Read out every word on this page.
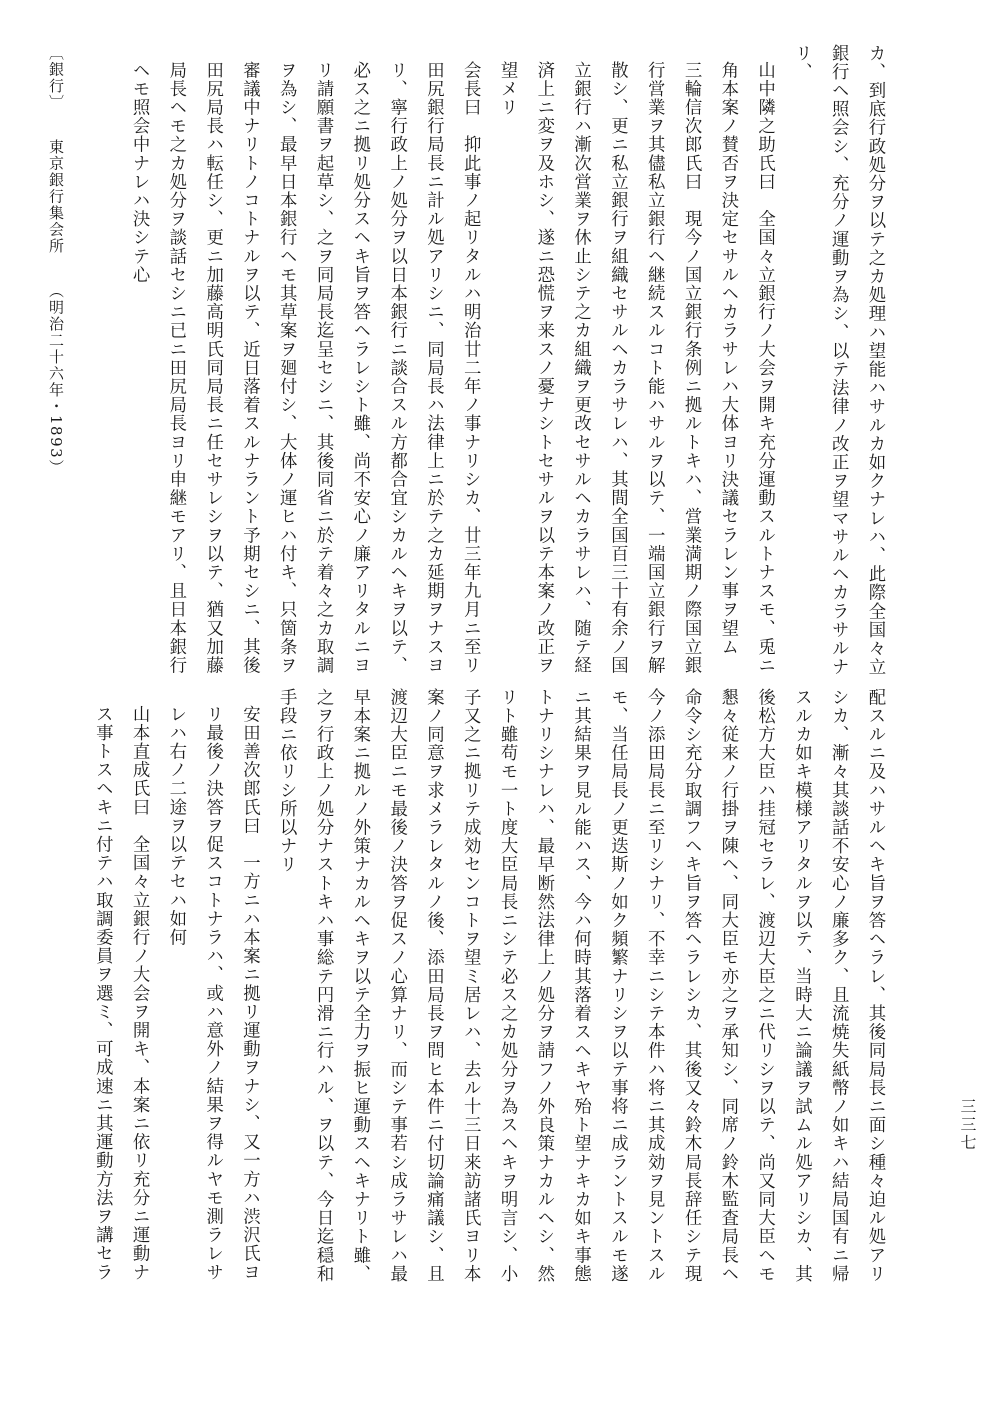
カ、到底行政処分ヲ以テ之カ処理ハ望能ハサルカ如クナレハ、此際全国々立銀行ヘ照会シ、充分ノ運動ヲ為シ、以テ法律ノ改正ヲ望マサルヘカラサルナリ、

山中隣之助氏曰　全国々立銀行ノ大会ヲ開キ充分運動スルトナスモ、兎ニ角本案ノ賛否ヲ決定セサルヘカラサレハ大体ヨリ決議セラレン事ヲ望ム

三輪信次郎氏曰　現今ノ国立銀行条例ニ拠ルトキハ、営業満期ノ際国立銀行営業ヲ其儘私立銀行ヘ継続スルコト能ハサルヲ以テ、一端国立銀行ヲ解散シ、更ニ私立銀行ヲ組織セサルヘカラサレハ、其間全国百三十有余ノ国立銀行ハ漸次営業ヲ休止シテ之カ組織ヲ更改セサルヘカラサレハ、随テ経済上ニ変ヲ及ホシ、遂ニ恐慌ヲ来スノ憂ナシトセサルヲ以テ本案ノ改正ヲ望メリ

会長曰　抑此事ノ起リタルハ明治廿二年ノ事ナリシカ、廿三年九月ニ至リ田尻銀行局長ニ計ル処アリシニ、同局長ハ法律上ニ於テ之カ延期ヲナスヨリ、寧行政上ノ処分ヲ以日本銀行ニ談合スル方都合宜シカルヘキヲ以テ、必ス之ニ拠リ処分スヘキ旨ヲ答ヘラレシト雖、尚不安心ノ廉アリタルニヨリ請願書ヲ起草シ、之ヲ同局長迄呈セシニ、其後同省ニ於テ着々之カ取調ヲ為シ、最早日本銀行ヘモ其草案ヲ廻付シ、大体ノ運ヒハ付キ、只箇条ヲ審議中ナリトノコトナルヲ以テ、近日落着スルナラント予期セシニ、其後田尻局長ハ転任シ、更ニ加藤高明氏同局長ニ任セサレシヲ以テ、猶又加藤局長ヘモ之カ処分ヲ談話セシニ已ニ田尻局長ヨリ申継モアリ、且日本銀行ヘモ照会中ナレハ決シテ心

配スルニ及ハサルヘキ旨ヲ答ヘラレ、其後同局長ニ面シ種々迫ル処アリシカ、漸々其談話不安心ノ廉多ク、且流焼失紙幣ノ如キハ結局国有ニ帰スルカ如キ模様アリタルヲ以テ、当時大ニ論議ヲ試ムル処アリシカ、其後松方大臣ハ挂冠セラレ、渡辺大臣之ニ代リシヲ以テ、尚又同大臣ヘモ懇々従来ノ行掛ヲ陳ヘ、同大臣モ亦之ヲ承知シ、同席ノ鈴木監査局長ヘ命令シ充分取調フヘキ旨ヲ答ヘラレシカ、其後又々鈴木局長辞任シテ現今ノ添田局長ニ至リシナリ、不幸ニシテ本件ハ将ニ其成効ヲ見ントスルモ、当任局長ノ更迭斯ノ如ク頻繁ナリシヲ以テ事将ニ成ラントスルモ遂ニ其結果ヲ見ル能ハス、今ハ何時其落着スヘキヤ殆ト望ナキカ如キ事態トナリシナレハ、最早断然法律上ノ処分ヲ請フノ外良策ナカルヘシ、然リト雖苟モ一ト度大臣局長ニシテ必ス之カ処分ヲ為スヘキヲ明言シ、小子又之ニ拠リテ成効センコトヲ望ミ居レハ、去ル十三日来訪諸氏ヨリ本案ノ同意ヲ求メラレタルノ後、添田局長ヲ問ヒ本件ニ付切論痛議シ、且渡辺大臣ニモ最後ノ決答ヲ促スノ心算ナリ、而シテ事若シ成ラサレハ最早本案ニ拠ルノ外策ナカルヘキヲ以テ全力ヲ振ヒ運動スヘキナリト雖、之ヲ行政上ノ処分ナストキハ事総テ円滑ニ行ハル、ヲ以テ、今日迄穏和手段ニ依リシ所以ナリ

安田善次郎氏曰　一方ニハ本案ニ拠リ運動ヲナシ、又一方ハ渋沢氏ヨリ最後ノ決答ヲ促スコトナラハ、或ハ意外ノ結果ヲ得ルヤモ測ラレサレハ右ノ二途ヲ以テセハ如何

山本直成氏曰　全国々立銀行ノ大会ヲ開キ、本案ニ依リ充分ニ運動ナス事トスヘキニ付テハ取調委員ヲ選ミ、可成速ニ其運動方法ヲ講セラ	三三七
〔銀行〕 東京銀行集会所 （明治二十六年・1893）
